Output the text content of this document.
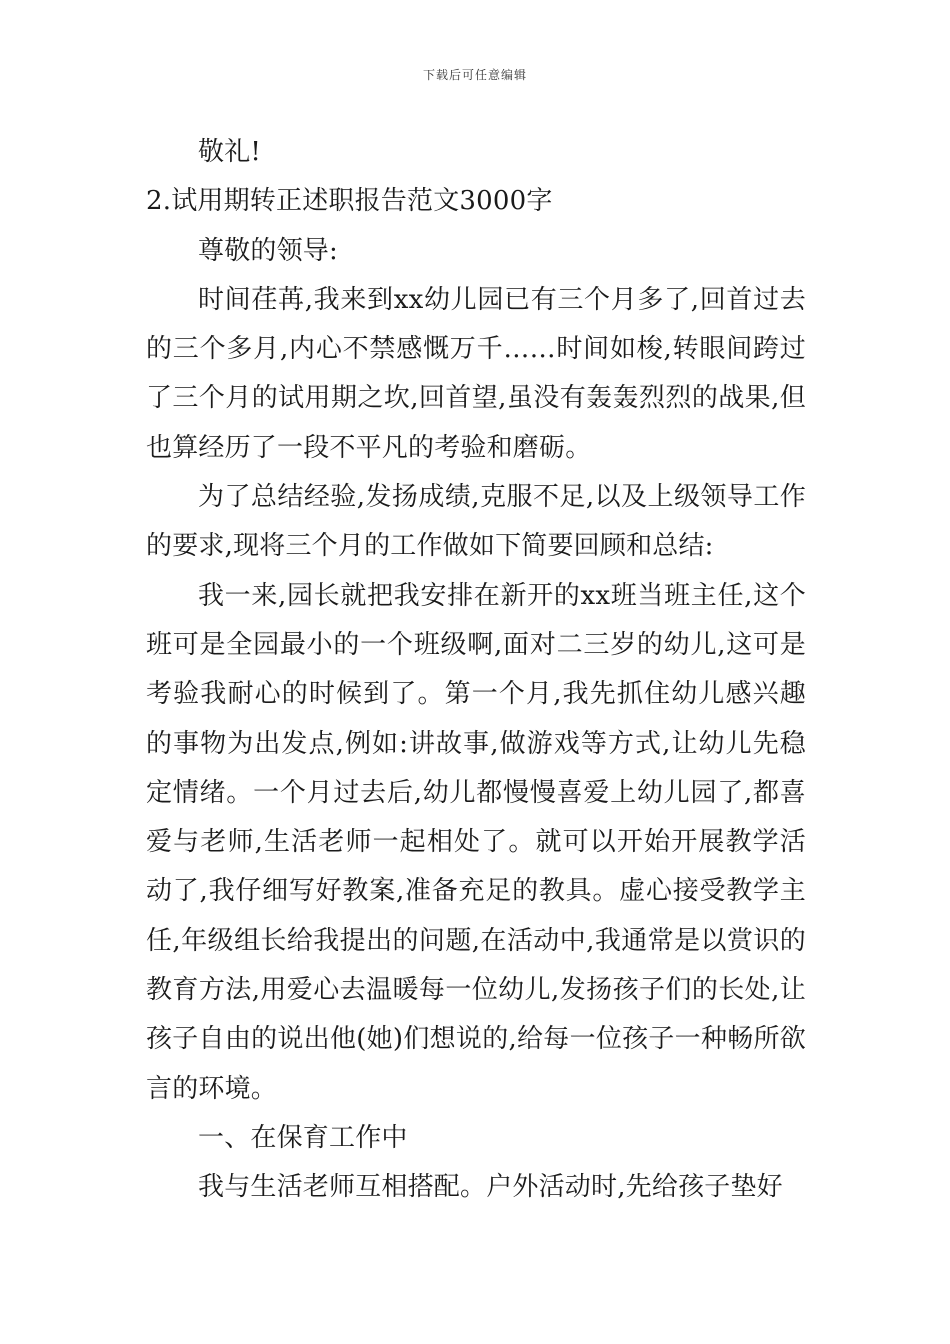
下载后可任意编辑

敬礼!

2.试用期转正述职报告范文3000字

尊敬的领导:

时间荏苒,我来到xx幼儿园已有三个月多了,回首过去的三个多月,内心不禁感慨万千……时间如梭,转眼间跨过了三个月的试用期之坎,回首望,虽没有轰轰烈烈的战果,但也算经历了一段不平凡的考验和磨砺。

为了总结经验,发扬成绩,克服不足,以及上级领导工作的要求,现将三个月的工作做如下简要回顾和总结:

我一来,园长就把我安排在新开的xx班当班主任,这个班可是全园最小的一个班级啊,面对二三岁的幼儿,这可是考验我耐心的时候到了。第一个月,我先抓住幼儿感兴趣的事物为出发点,例如:讲故事,做游戏等方式,让幼儿先稳定情绪。一个月过去后,幼儿都慢慢喜爱上幼儿园了,都喜爱与老师,生活老师一起相处了。就可以开始开展教学活动了,我仔细写好教案,准备充足的教具。虚心接受教学主任,年级组长给我提出的问题,在活动中,我通常是以赏识的教育方法,用爱心去温暖每一位幼儿,发扬孩子们的长处,让孩子自由的说出他(她)们想说的,给每一位孩子一种畅所欲言的环境。

一、在保育工作中

我与生活老师互相搭配。户外活动时,先给孩子垫好
